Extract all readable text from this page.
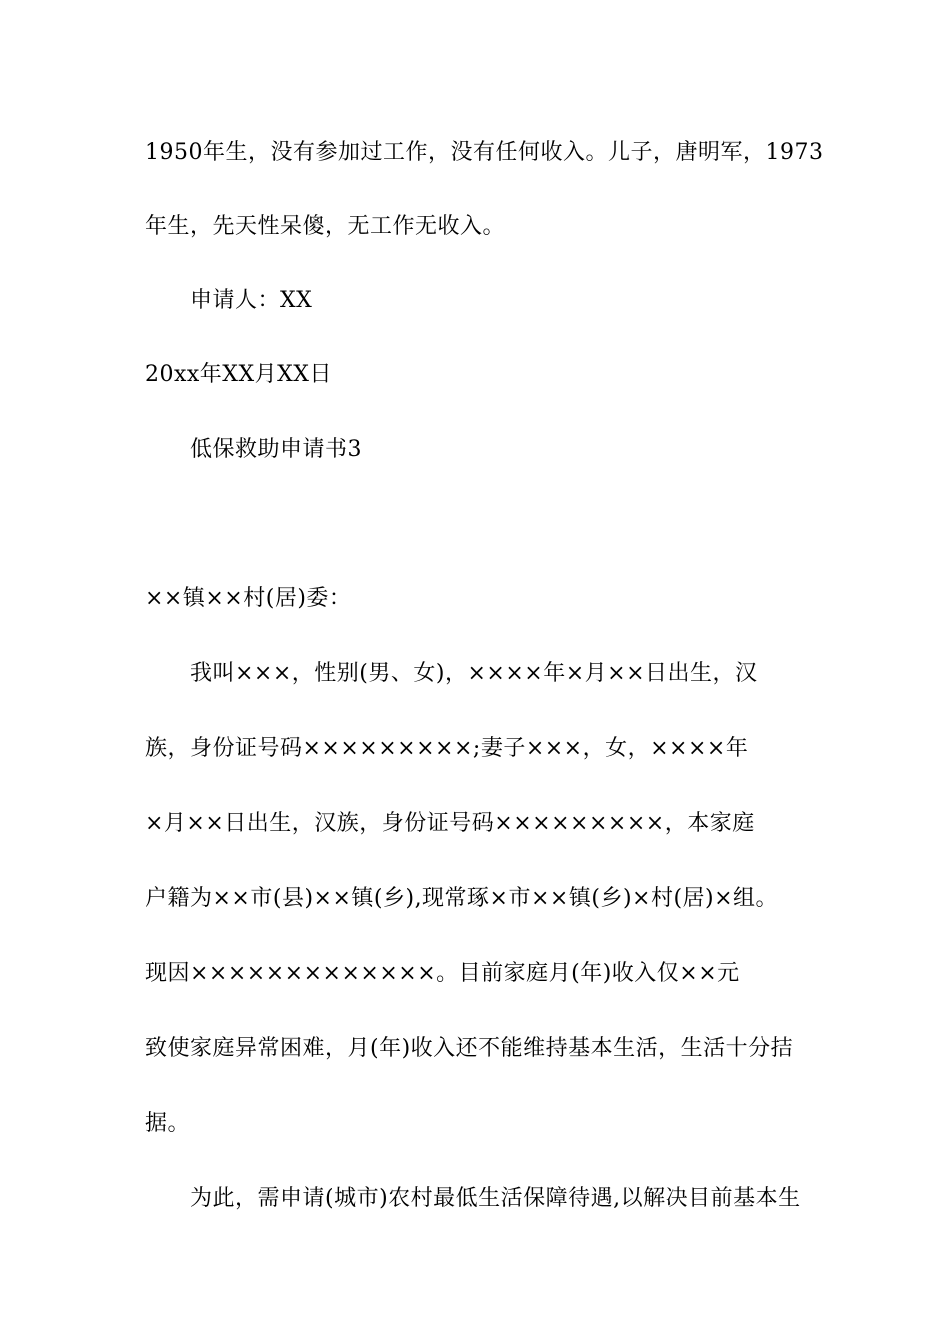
1950年生，没有参加过工作，没有任何收入。儿子，唐明军，1973
年生，先天性呆傻，无工作无收入。
申请人：XX
20xx年XX月XX日
低保救助申请书3
××镇××村(居)委：
我叫×××，性别(男、女)，××××年×月××日出生，汉
族，身份证号码×××××××××;妻子×××，女，××××年
×月××日出生，汉族，身份证号码×××××××××，本家庭
户籍为××市(县)××镇(乡),现常琢×市××镇(乡)×村(居)×组。
现因×××××××××××××。目前家庭月(年)收入仅××元
致使家庭异常困难，月(年)收入还不能维持基本生活，生活十分拮
据。
为此，需申请(城市)农村最低生活保障待遇,以解决目前基本生
